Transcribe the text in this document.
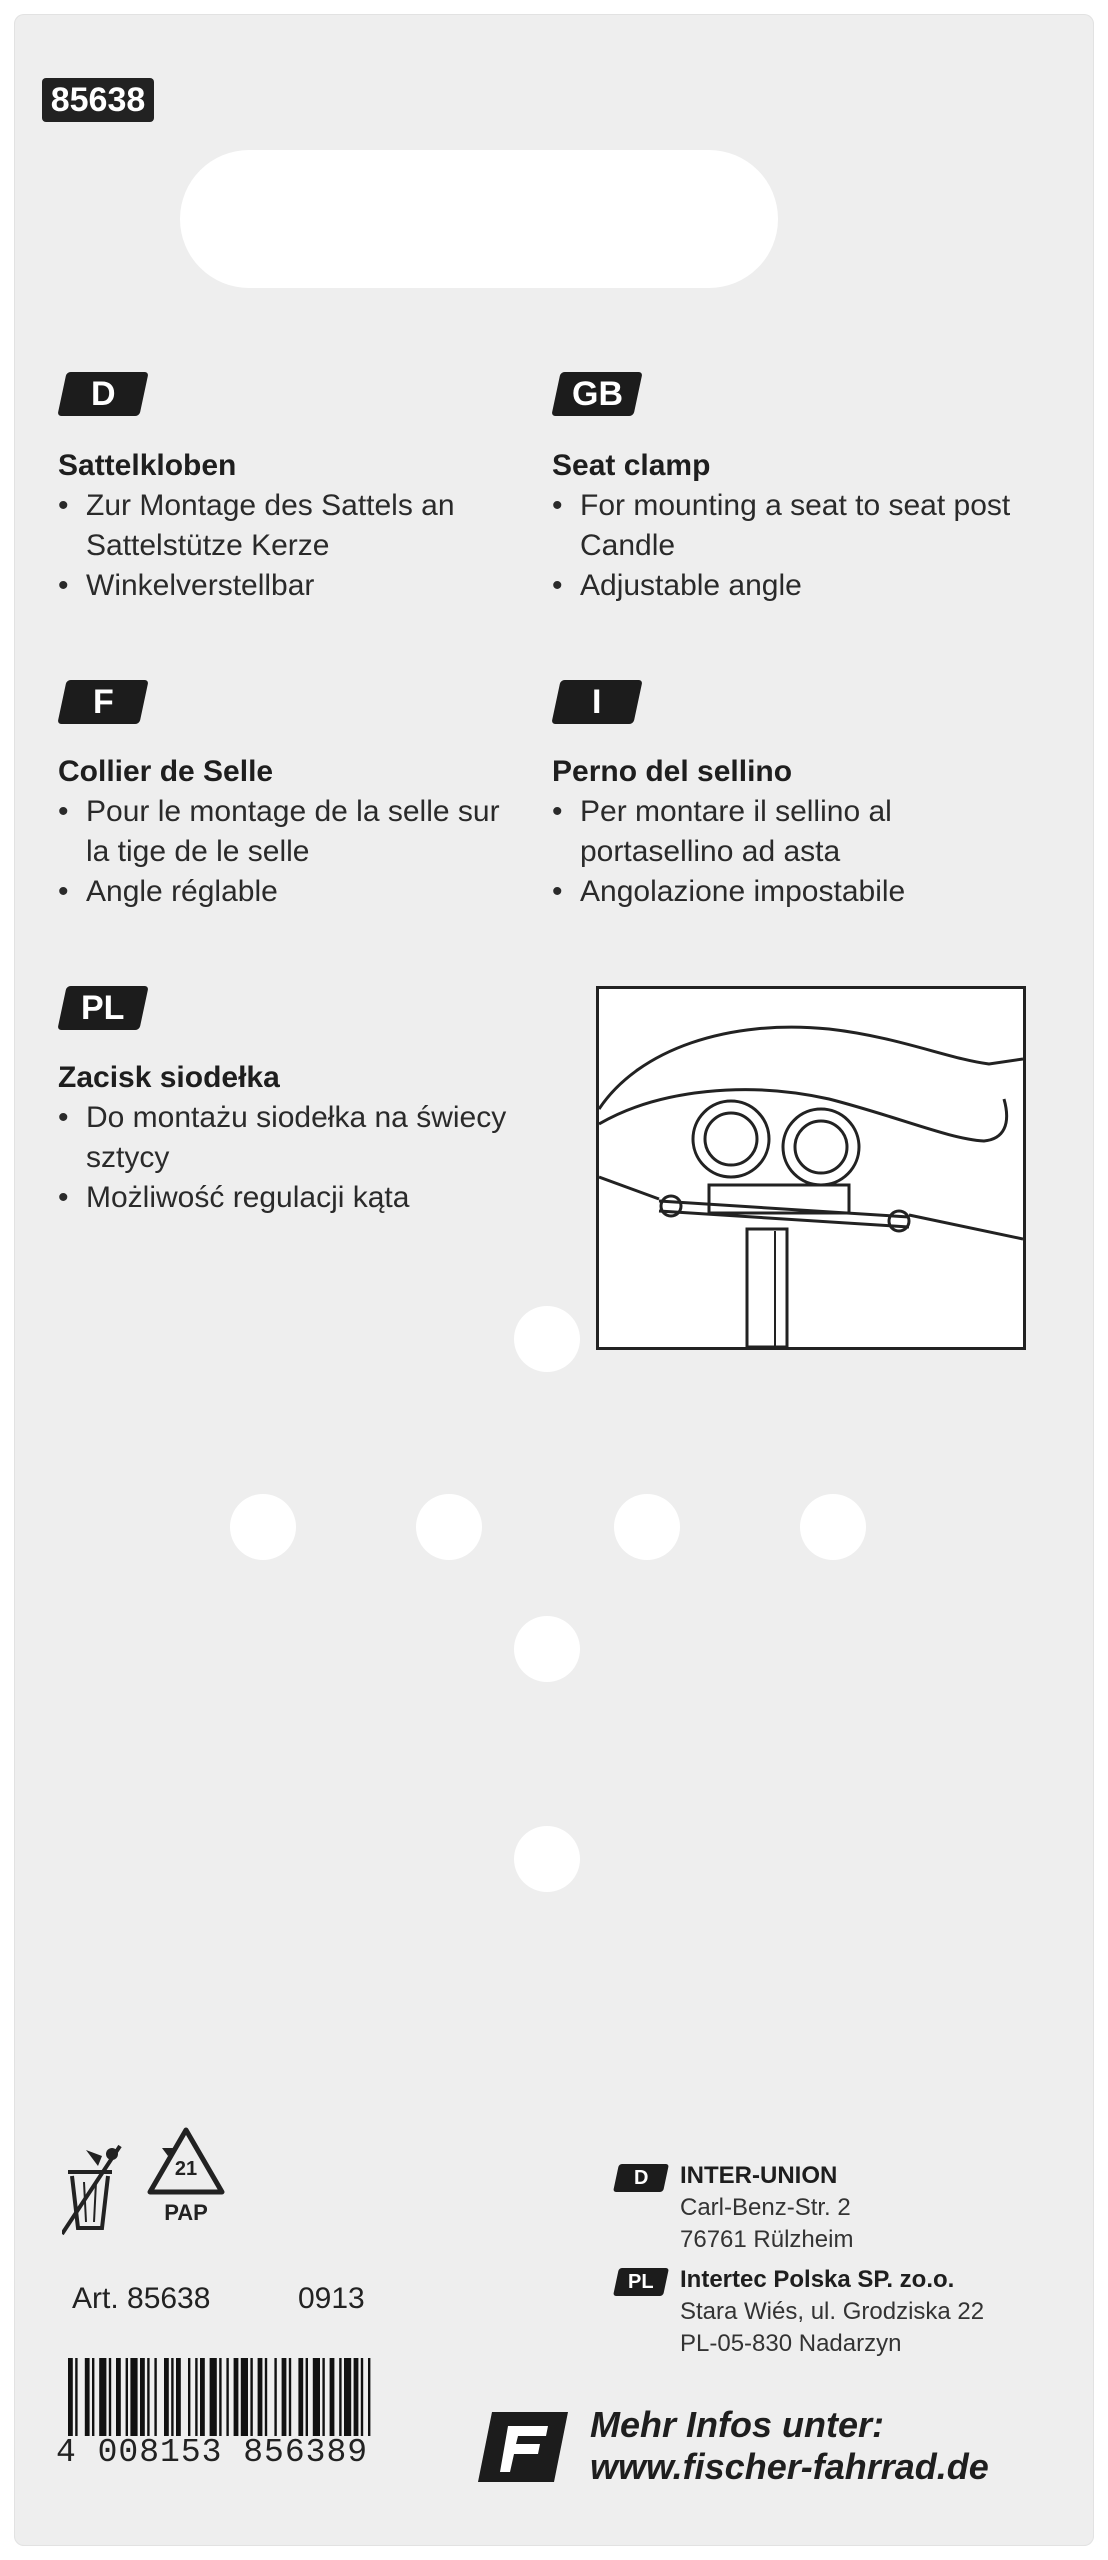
85638
D
Sattelkloben
• Zur Montage des Sattels an Sattelstütze Kerze
• Winkelverstellbar
GB
Seat clamp
• For mounting a seat to seat post Candle
• Adjustable angle
F
Collier de Selle
• Pour le montage de la selle sur la tige de le selle
• Angle réglable
I
Perno del sellino
• Per montare il sellino al portasellino ad asta
• Angolazione impostabile
PL
Zacisk siodełka
• Do montażu siodełka na świecy sztycy
• Możliwość regulacji kąta
21
PAP
Art. 85638	0913
4 008153 856389
D	INTER-UNION
Carl-Benz-Str. 2
76761 Rülzheim
PL	Intertec Polska SP. zo.o.
Stara Wiés, ul. Grodziska 22
PL-05-830 Nadarzyn
Mehr Infos unter:
www.fischer-fahrrad.de
